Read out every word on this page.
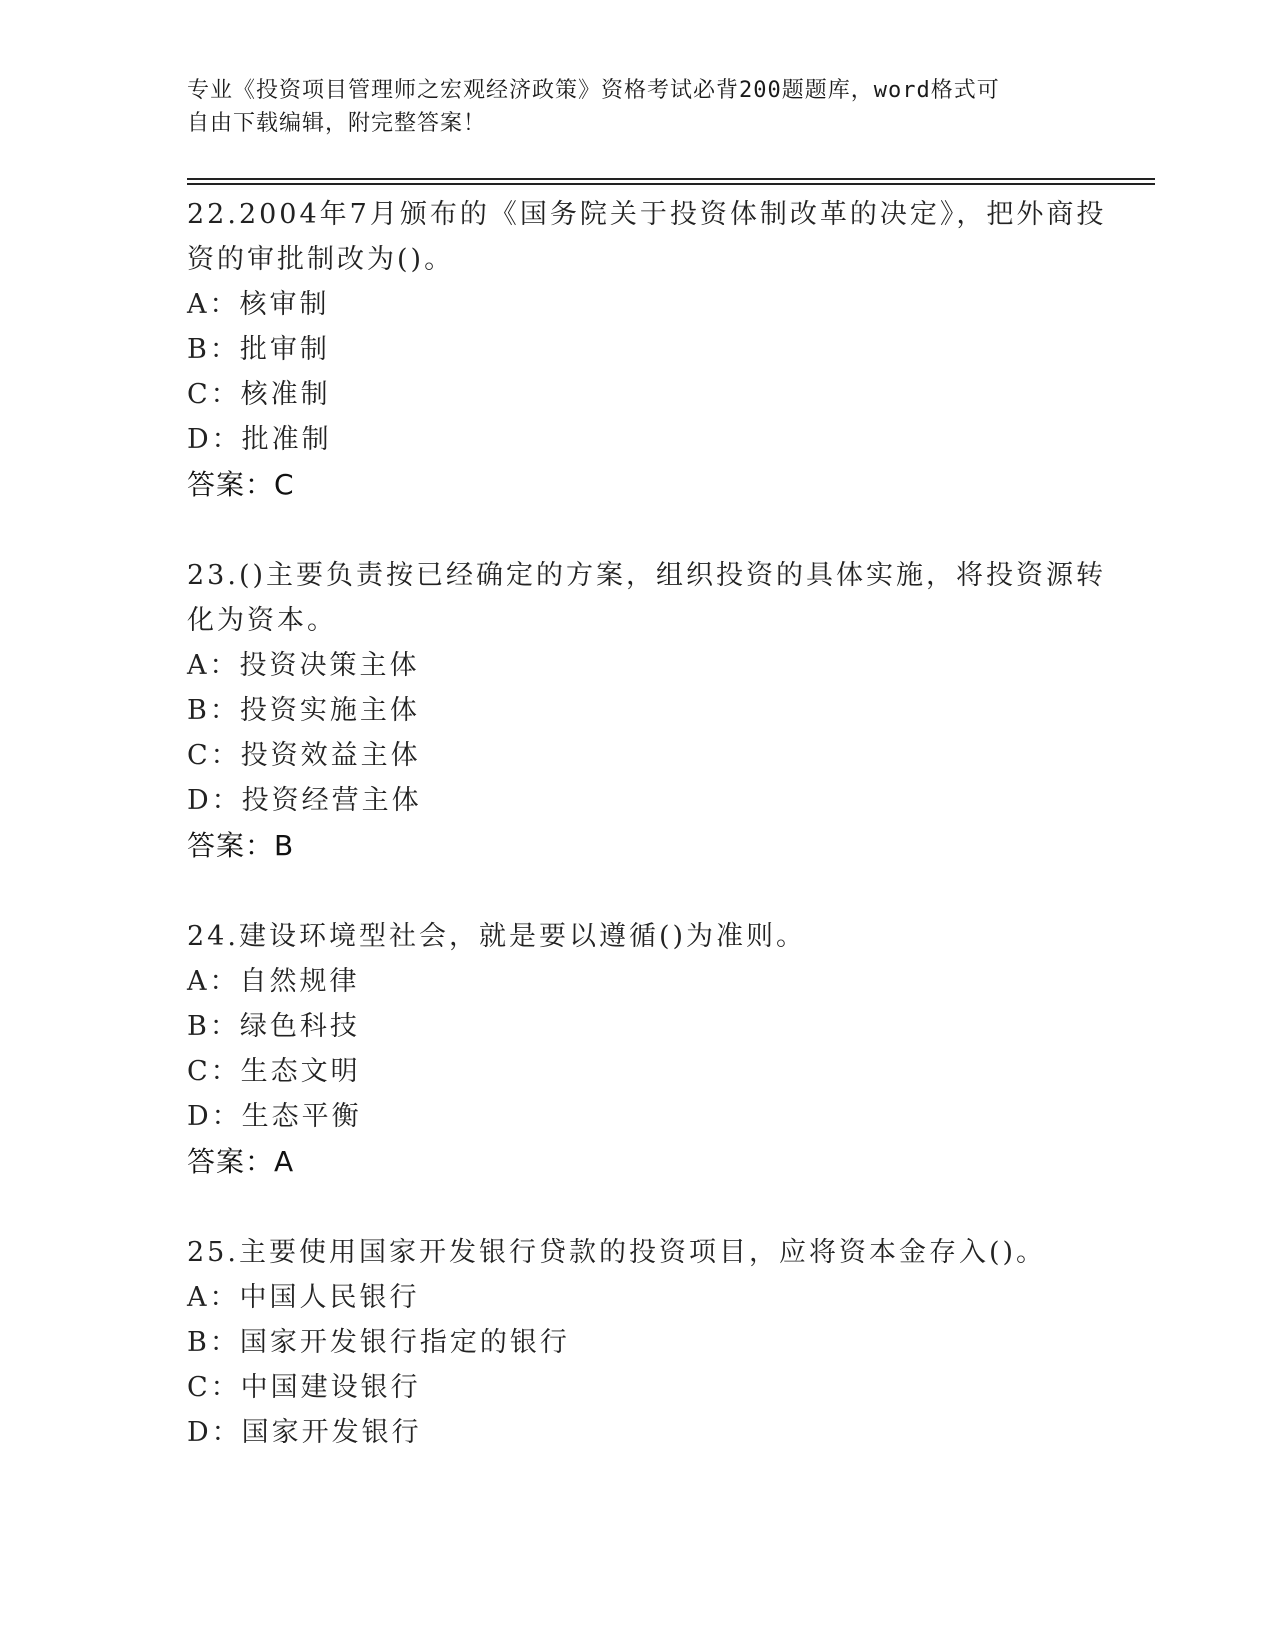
专业《投资项目管理师之宏观经济政策》资格考试必背200题题库，word格式可
自由下载编辑，附完整答案！
22.2004年7月颁布的《国务院关于投资体制改革的决定》，把外商投
资的审批制改为()。
A：核审制
B：批审制
C：核准制
D：批准制
答案：C
23.()主要负责按已经确定的方案，组织投资的具体实施，将投资源转
化为资本。
A：投资决策主体
B：投资实施主体
C：投资效益主体
D：投资经营主体
答案：B
24.建设环境型社会，就是要以遵循()为准则。
A：自然规律
B：绿色科技
C：生态文明
D：生态平衡
答案：A
25.主要使用国家开发银行贷款的投资项目，应将资本金存入()。
A：中国人民银行
B：国家开发银行指定的银行
C：中国建设银行
D：国家开发银行
